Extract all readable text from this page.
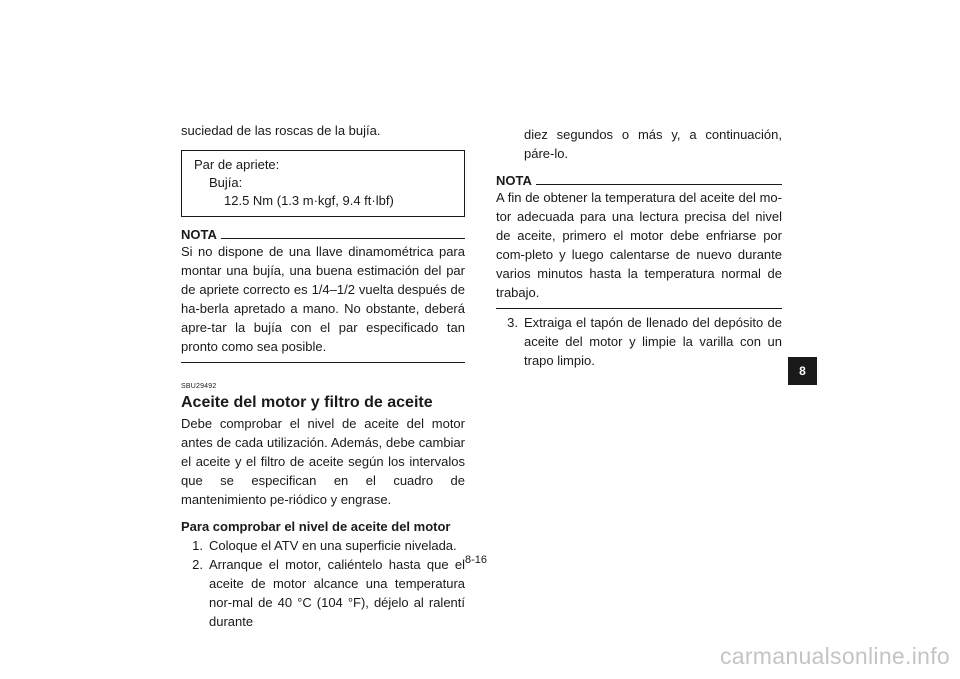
suciedad de las roscas de la bujía.

Par de apriete:
Bujía:
12.5 Nm (1.3 m·kgf, 9.4 ft·lbf)
NOTA

Si no dispone de una llave dinamométrica para montar una bujía, una buena estimación del par de apriete correcto es 1/4–1/2 vuelta después de ha-berla apretado a mano. No obstante, deberá apre-tar la bujía con el par especificado tan pronto como sea posible.

SBU29492
Aceite del motor y filtro de aceite

Debe comprobar el nivel de aceite del motor antes de cada utilización. Además, debe cambiar el aceite y el filtro de aceite según los intervalos que se especifican en el cuadro de mantenimiento pe-riódico y engrase.

Para comprobar el nivel de aceite del motor

1. Coloque el ATV en una superficie nivelada.
2. Arranque el motor, caliéntelo hasta que el aceite de motor alcance una temperatura nor-mal de 40 °C (104 °F), déjelo al ralentí durante

diez segundos o más y, a continuación, páre-lo.

NOTA

A fin de obtener la temperatura del aceite del mo-tor adecuada para una lectura precisa del nivel de aceite, primero el motor debe enfriarse por com-pleto y luego calentarse de nuevo durante varios minutos hasta la temperatura normal de trabajo.

3. Extraiga el tapón de llenado del depósito de aceite del motor y limpie la varilla con un trapo limpio.
8
8-16
carmanualsonline.info
